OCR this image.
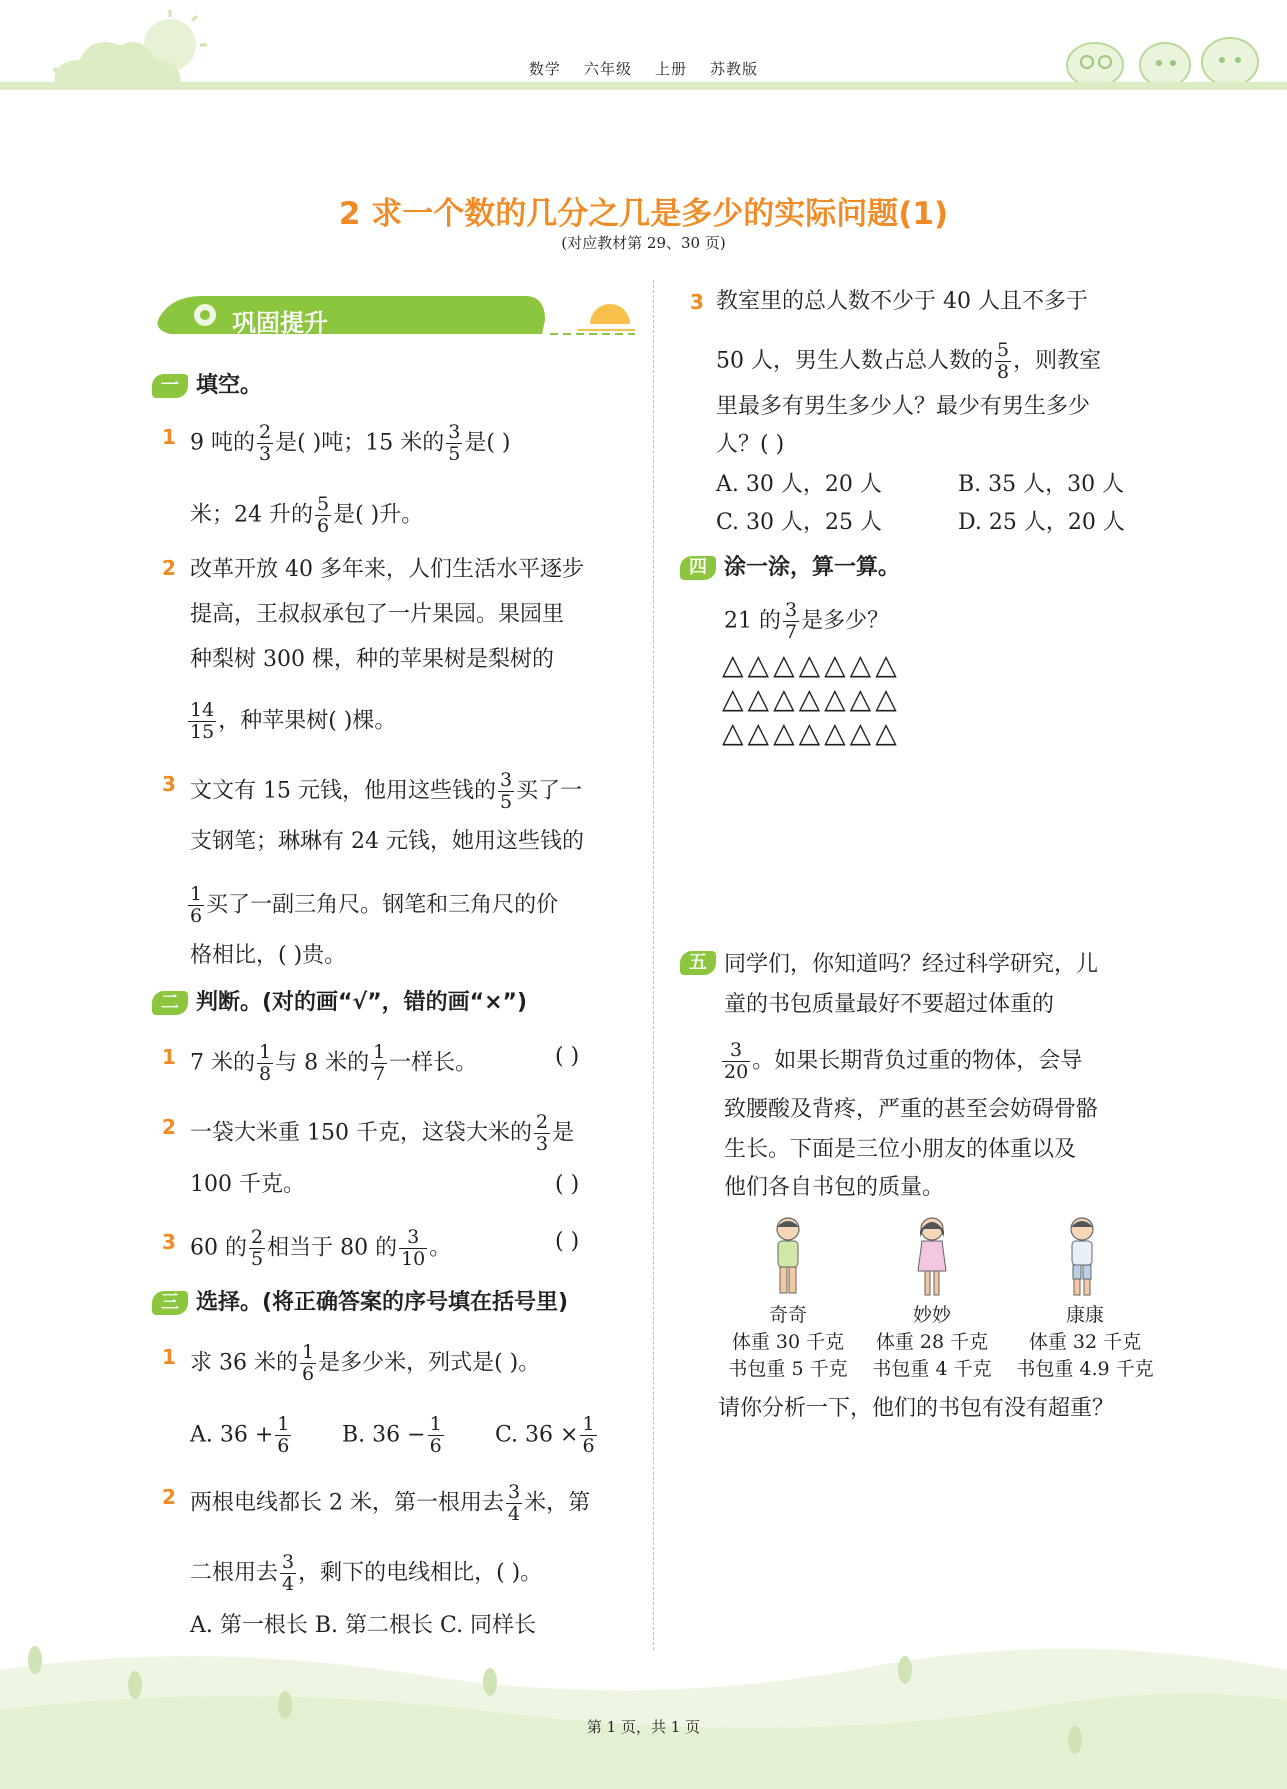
✦	数学 六年级 上册 苏教版
2 求一个数的几分之几是多少的实际问题(1)
(对应教材第 29、30 页)
巩固提升
一 填空。
1 9 吨的 $\frac{2}{3}$ 是( )吨；15 米的 $\frac{3}{5}$ 是( )
米；24 升的 $\frac{5}{6}$ 是( )升。
2 改革开放 40 多年来，人们生活水平逐步
提高，王叔叔承包了一片果园。果园里
种梨树 300 棵，种的苹果树是梨树的
$\frac{14}{15}$ ，种苹果树( )棵。
3 文文有 15 元钱，他用这些钱的 $\frac{3}{5}$ 买了一
支钢笔；琳琳有 24 元钱，她用这些钱的
$\frac{1}{6}$ 买了一副三角尺。钢笔和三角尺的价
格相比，( )贵。
二 判断。(对的画“√”，错的画“×”)
1 7 米的 $\frac{1}{8}$ 与 8 米的 $\frac{1}{7}$ 一样长。	( )
2 一袋大米重 150 千克，这袋大米的 $\frac{2}{3}$ 是
100 千克。	( )
3 60 的 $\frac{2}{5}$ 相当于 80 的 $\frac{3}{10}$ 。	( )
三 选择。(将正确答案的序号填在括号里)
1 求 36 米的 $\frac{1}{6}$ 是多少米，列式是( )。
A. $36 + \frac{1}{6} B$. $36 - \frac{1}{6} C$. $36 \times \frac{1}{6}$
2 两根电线都长 2 米，第一根用去 $\frac{3}{4}$ 米，第
二根用去 $\frac{3}{4}$ ，剩下的电线相比，( )。
A. 第一根长 B. 第二根长 C. 同样长
3 教室里的总人数不少于 40 人且不多于
50 人，男生人数占总人数的 $\frac{5}{8}$ ，则教室
里最多有男生多少人？最少有男生多少
人？( )
A. 30 人，20 人	B. 35 人，30 人
C. 30 人，25 人	D. 25 人，20 人
四 涂一涂，算一算。
21 的 $\frac{3}{7}$ 是多少？
△△△△△△△
△△△△△△△
△△△△△△△
五 同学们，你知道吗？经过科学研究，儿
童的书包质量最好不要超过体重的
$\frac{3}{20}$ 。如果长期背负过重的物体，会导
致腰酸及背疼，严重的甚至会妨碍骨骼
生长。下面是三位小朋友的体重以及
他们各自书包的质量。
奇奇
体重 30 千克
书包重 5 千克
妙妙
体重 28 千克
书包重 4 千克
康康
体重 32 千克
书包重 4.9 千克
请你分析一下，他们的书包有没有超重？
第 1 页，共 1 页
